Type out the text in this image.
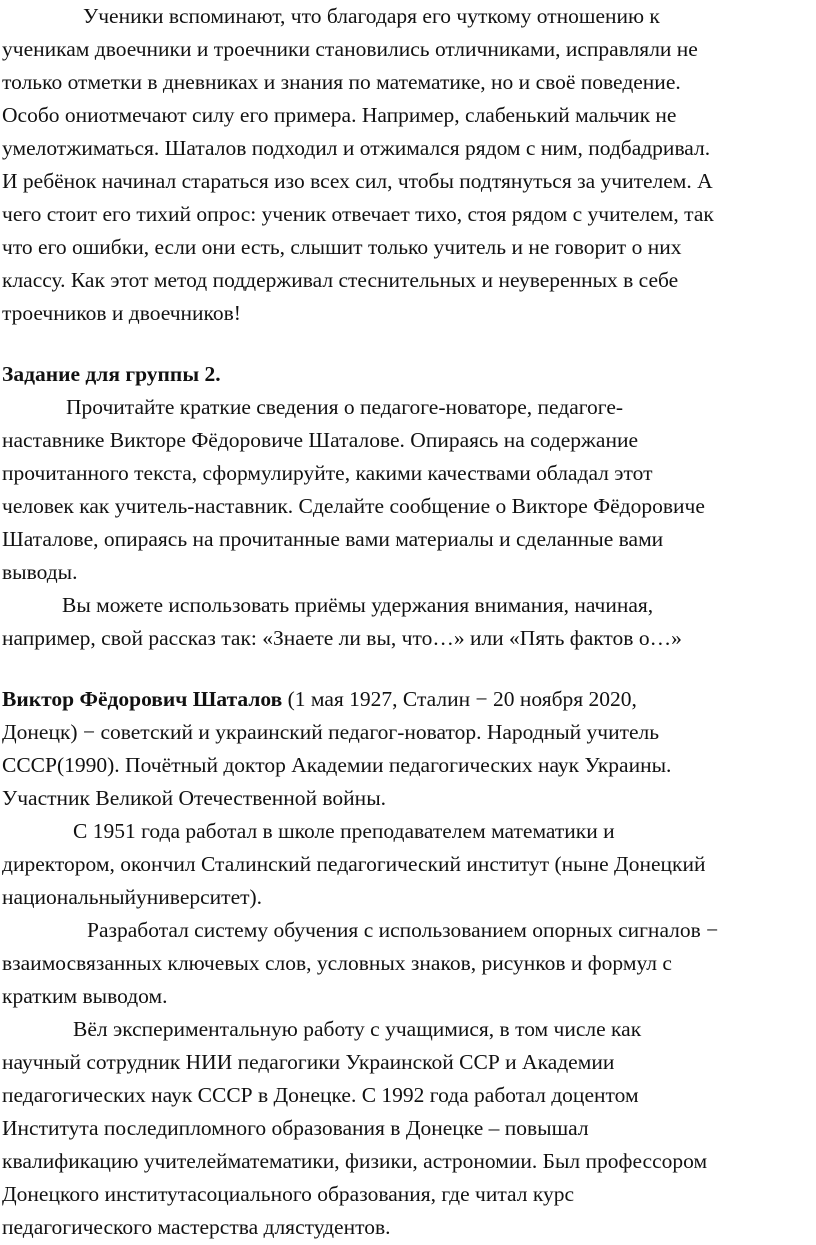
Ученики вспоминают, что благодаря его чуткому отношению к
ученикам двоечники и троечники становились отличниками, исправляли не
только отметки в дневниках и знания по математике, но и своё поведение.
Особо ониотмечают силу его примера. Например, слабенький мальчик не
умелотжиматься. Шаталов подходил и отжимался рядом с ним, подбадривал.
И ребёнок начинал стараться изо всех сил, чтобы подтянуться за учителем. А
чего стоит его тихий опрос: ученик отвечает тихо, стоя рядом с учителем, так
что его ошибки, если они есть, слышит только учитель и не говорит о них
классу. Как этот метод поддерживал стеснительных и неуверенных в себе
троечников и двоечников!
Задание для группы 2.
Прочитайте краткие сведения о педагоге-новаторе, педагоге-
наставнике Викторе Фёдоровиче Шаталове. Опираясь на содержание
прочитанного текста, сформулируйте, какими качествами обладал этот
человек как учитель-наставник. Сделайте сообщение о Викторе Фёдоровиче
Шаталове, опираясь на прочитанные вами материалы и сделанные вами
выводы.
Вы можете использовать приёмы удержания внимания, начиная,
например, свой рассказ так: «Знаете ли вы, что…» или «Пять фактов о…»
Виктор Фёдорович Шаталов (1 мая 1927, Сталин − 20 ноября 2020,
Донецк) − советский и украинский педагог-новатор. Народный учитель
СССР(1990). Почётный доктор Академии педагогических наук Украины.
Участник Великой Отечественной войны.
С 1951 года работал в школе преподавателем математики и
директором, окончил Сталинский педагогический институт (ныне Донецкий
национальныйуниверситет).
Разработал систему обучения с использованием опорных сигналов −
взаимосвязанных ключевых слов, условных знаков, рисунков и формул с
кратким выводом.
Вёл экспериментальную работу с учащимися, в том числе как
научный сотрудник НИИ педагогики Украинской ССР и Академии
педагогических наук СССР в Донецке. С 1992 года работал доцентом
Института последипломного образования в Донецке – повышал
квалификацию учителейматематики, физики, астрономии. Был профессором
Донецкого институтасоциального образования, где читал курс
педагогического мастерства длястудентов.
